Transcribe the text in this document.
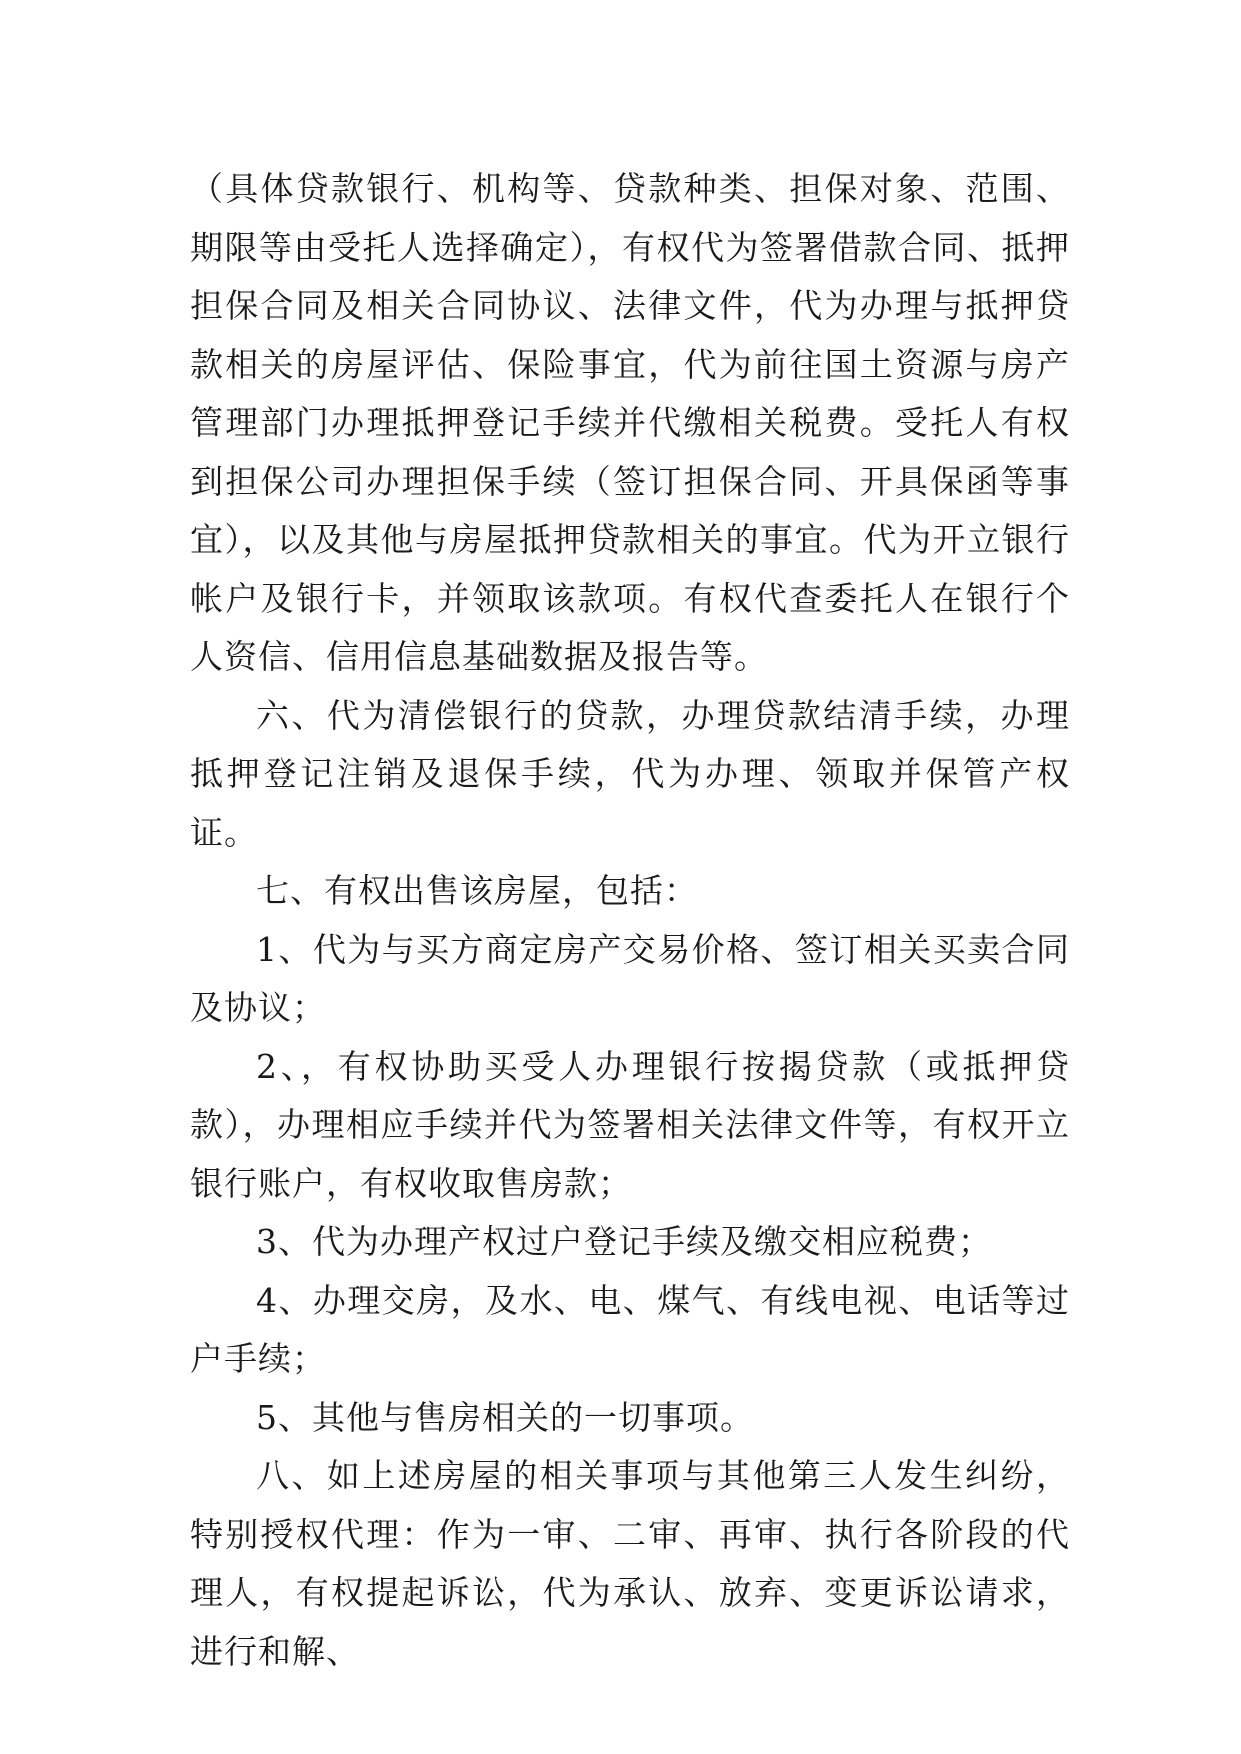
（具体贷款银行、机构等、贷款种类、担保对象、范围、期限等由受托人选择确定），有权代为签署借款合同、抵押担保合同及相关合同协议、法律文件，代为办理与抵押贷款相关的房屋评估、保险事宜，代为前往国土资源与房产管理部门办理抵押登记手续并代缴相关税费。受托人有权到担保公司办理担保手续（签订担保合同、开具保函等事宜），以及其他与房屋抵押贷款相关的事宜。代为开立银行帐户及银行卡，并领取该款项。有权代查委托人在银行个人资信、信用信息基础数据及报告等。

六、代为清偿银行的贷款，办理贷款结清手续，办理抵押登记注销及退保手续，代为办理、领取并保管产权证。

七、有权出售该房屋，包括：

1、代为与买方商定房产交易价格、签订相关买卖合同及协议；

2、，有权协助买受人办理银行按揭贷款（或抵押贷款），办理相应手续并代为签署相关法律文件等，有权开立银行账户，有权收取售房款；

3、代为办理产权过户登记手续及缴交相应税费；

4、办理交房，及水、电、煤气、有线电视、电话等过户手续；

5、其他与售房相关的一切事项。

八、如上述房屋的相关事项与其他第三人发生纠纷，特别授权代理：作为一审、二审、再审、执行各阶段的代理人，有权提起诉讼，代为承认、放弃、变更诉讼请求，进行和解、
